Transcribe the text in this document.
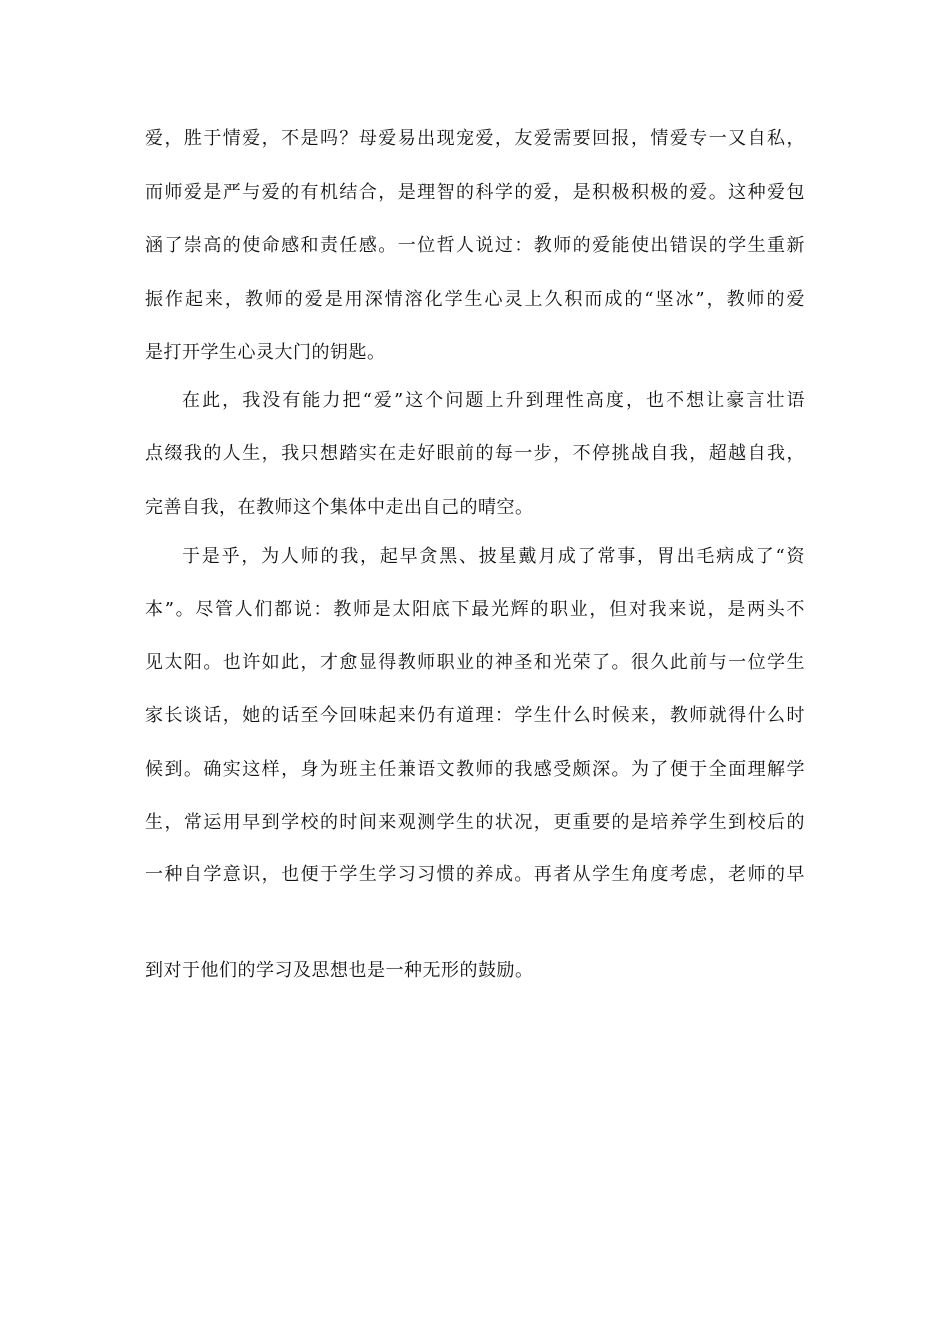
爱，胜于情爱，不是吗？母爱易出现宠爱，友爱需要回报，情爱专一又自私，
而师爱是严与爱的有机结合，是理智的科学的爱，是积极积极的爱。这种爱包
涵了崇高的使命感和责任感。一位哲人说过：教师的爱能使出错误的学生重新
振作起来，教师的爱是用深情溶化学生心灵上久积而成的“坚冰”，教师的爱
是打开学生心灵大门的钥匙。
在此，我没有能力把“爱”这个问题上升到理性高度，也不想让豪言壮语
点缀我的人生，我只想踏实在走好眼前的每一步，不停挑战自我，超越自我，
完善自我，在教师这个集体中走出自己的晴空。
于是乎，为人师的我，起早贪黑、披星戴月成了常事，胃出毛病成了“资
本”。尽管人们都说：教师是太阳底下最光辉的职业，但对我来说，是两头不
见太阳。也许如此，才愈显得教师职业的神圣和光荣了。很久此前与一位学生
家长谈话，她的话至今回味起来仍有道理：学生什么时候来，教师就得什么时
候到。确实这样，身为班主任兼语文教师的我感受颇深。为了便于全面理解学
生，常运用早到学校的时间来观测学生的状况，更重要的是培养学生到校后的
一种自学意识，也便于学生学习习惯的养成。再者从学生角度考虑，老师的早
到对于他们的学习及思想也是一种无形的鼓励。
